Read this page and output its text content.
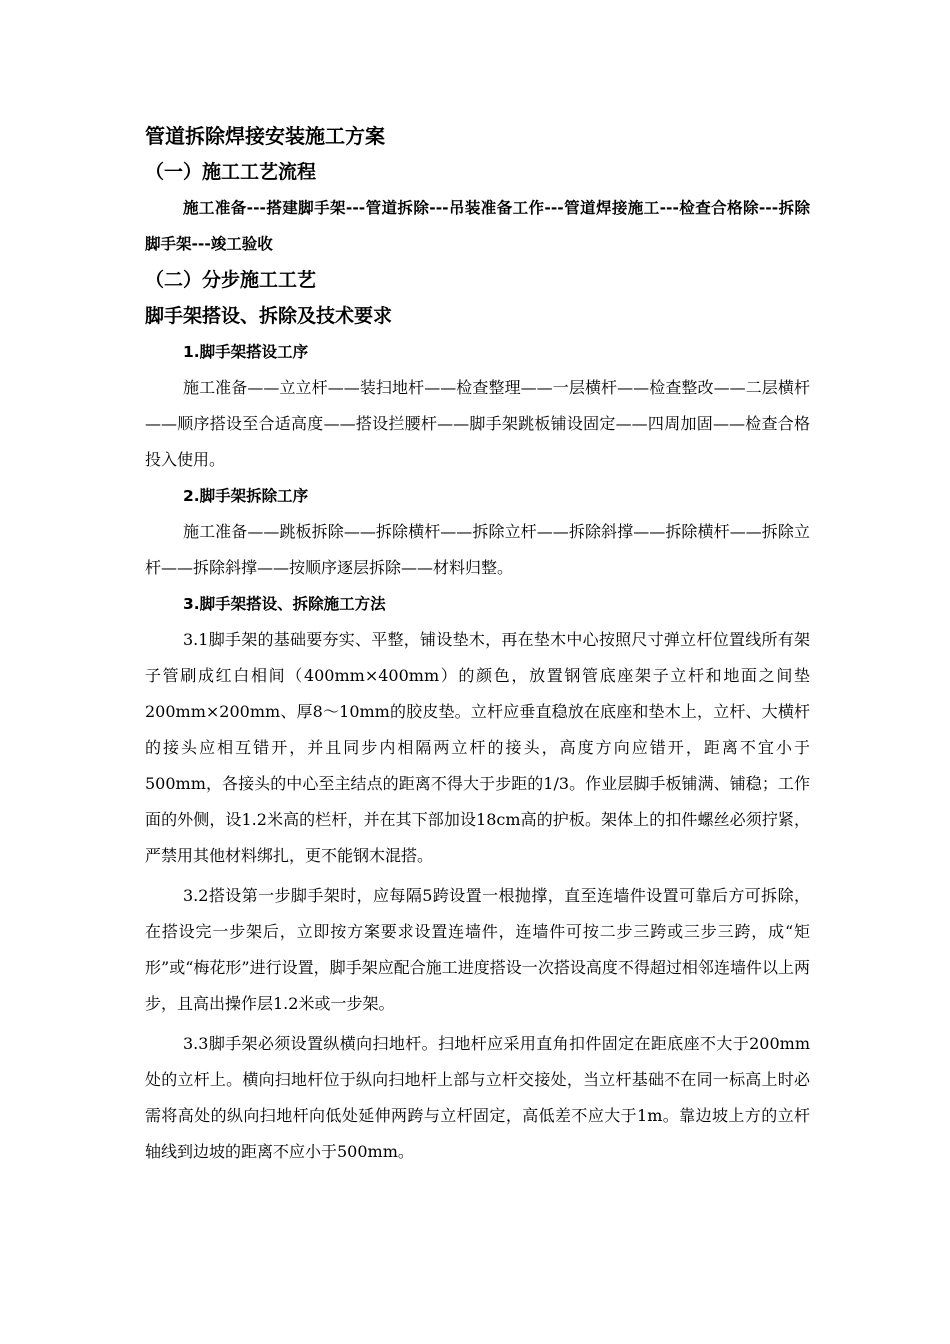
管道拆除焊接安装施工方案
（一）施工工艺流程

施工准备---搭建脚手架---管道拆除---吊装准备工作---管道焊接施工---检查合格除---拆除脚手架---竣工验收

（二）分步施工工艺
脚手架搭设、拆除及技术要求
1.脚手架搭设工序

施工准备——立立杆——装扫地杆——检查整理——一层横杆——检查整改——二层横杆——顺序搭设至合适高度——搭设拦腰杆——脚手架跳板铺设固定——四周加固——检查合格投入使用。

2.脚手架拆除工序

施工准备——跳板拆除——拆除横杆——拆除立杆——拆除斜撑——拆除横杆——拆除立杆——拆除斜撑——按顺序逐层拆除——材料归整。

3.脚手架搭设、拆除施工方法

3.1脚手架的基础要夯实、平整，铺设垫木，再在垫木中心按照尺寸弹立杆位置线所有架子管刷成红白相间（400mm×400mm）的颜色，放置钢管底座架子立杆和地面之间垫200mm×200mm、厚8～10mm的胶皮垫。立杆应垂直稳放在底座和垫木上，立杆、大横杆的接头应相互错开，并且同步内相隔两立杆的接头，高度方向应错开，距离不宜小于500mm，各接头的中心至主结点的距离不得大于步距的1/3。作业层脚手板铺满、铺稳；工作面的外侧，设1.2米高的栏杆，并在其下部加设18cm高的护板。架体上的扣件螺丝必须拧紧，严禁用其他材料绑扎，更不能钢木混搭。

3.2搭设第一步脚手架时，应每隔5跨设置一根抛撑，直至连墙件设置可靠后方可拆除，在搭设完一步架后，立即按方案要求设置连墙件，连墙件可按二步三跨或三步三跨，成“矩形”或“梅花形”进行设置，脚手架应配合施工进度搭设一次搭设高度不得超过相邻连墙件以上两步，且高出操作层1.2米或一步架。

3.3脚手架必须设置纵横向扫地杆。扫地杆应采用直角扣件固定在距底座不大于200mm处的立杆上。横向扫地杆位于纵向扫地杆上部与立杆交接处，当立杆基础不在同一标高上时必需将高处的纵向扫地杆向低处延伸两跨与立杆固定，高低差不应大于1m。靠边坡上方的立杆轴线到边坡的距离不应小于500mm。
